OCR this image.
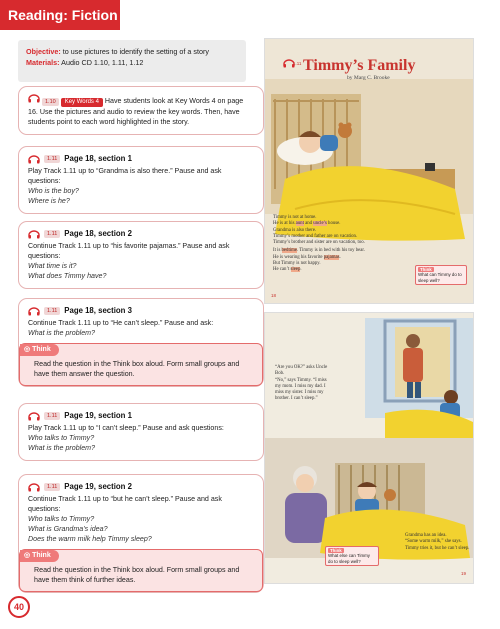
Reading: Fiction
Objective: to use pictures to identify the setting of a story
Materials: Audio CD 1.10, 1.11, 1.12

1.10 Key Words 4 Have students look at Key Words 4 on page 16. Use the pictures and audio to review the key words. Then, have students point to each word highlighted in the story.

1.11 Page 18, section 1

Play Track 1.11 up to “Grandma is also there.” Pause and ask questions:

Who is the boy?

Where is he?

1.11 Page 18, section 2

Continue Track 1.11 up to “his favorite pajamas.” Pause and ask questions:

What time is it?

What does Timmy have?

1.11 Page 18, section 3

Continue Track 1.11 up to “He can’t sleep.” Pause and ask:

What is the problem?

◎ Think

Read the question in the Think box aloud. Form small groups and have them answer the question.

1.11 Page 19, section 1

Play Track 1.11 up to “I can’t sleep.” Pause and ask questions:

Who talks to Timmy?

What is the problem?

1.11 Page 19, section 2

Continue Track 1.11 up to “but he can’t sleep.” Pause and ask questions:

Who talks to Timmy?

What is Grandma’s idea?

Does the warm milk help Timmy sleep?

◎ Think

Read the question in the Think box aloud. Form small groups and have them think of further ideas.

1.11 Timmy’s Family
by Marg C. Brooke
Timmy is not at home.
He is at his aunt and uncle’s house.
Grandma is also there.
Timmy’s mother and father are on vacation.
Timmy’s brother and sister are on vacation, too.
It is bedtime. Timmy is in bed with his toy bear.
He is wearing his favorite pajamas.
But Timmy is not happy.
He can’t sleep.	Think
What can Timmy do to sleep well?
18
“Are you OK?” asks Uncle Bob.
“No,” says Timmy. “I miss my mom. I miss my dad. I miss my sister. I miss my brother. I can’t sleep.”
Grandma has an idea.
“Some warm milk,” she says.
Timmy tries it, but he can’t sleep.
Think
What else can Timmy do to sleep well?
19
40
